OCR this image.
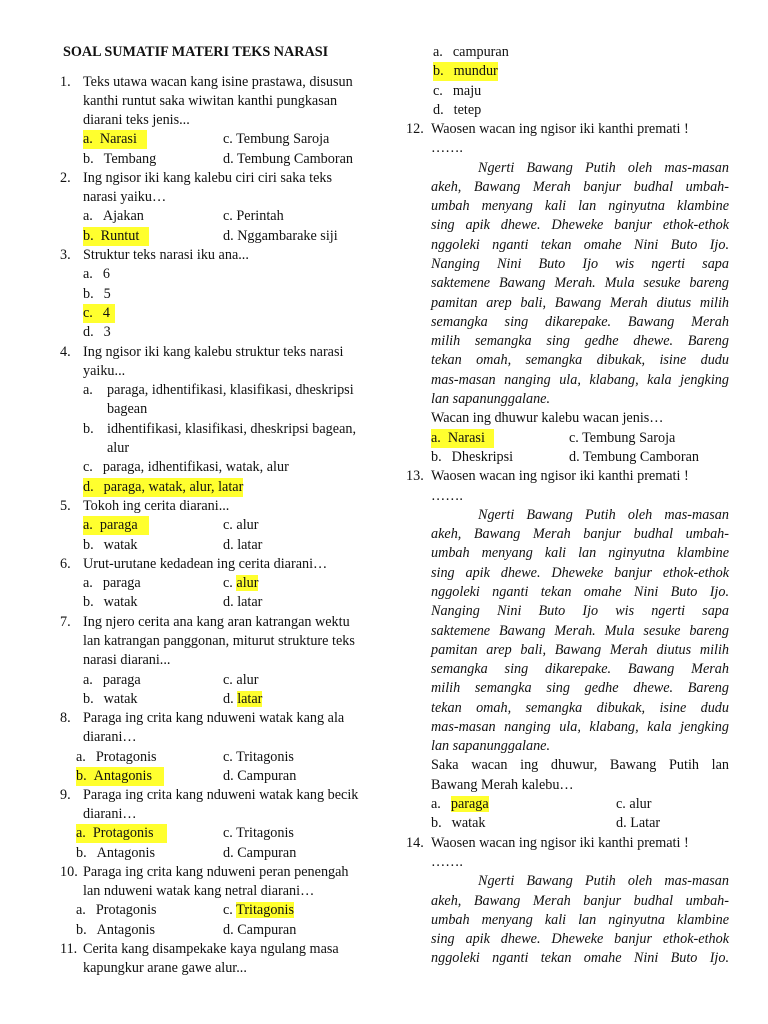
SOAL SUMATIF MATERI TEKS NARASI
1. Teks utawa wacan kang isine prastawa, disusun
kanthi runtut saka wiwitan kanthi pungkasan
diarani teks jenis...
a. Narasi	c. Tembung Saroja
b. Tembang	d. Tembung Camboran
2. Ing ngisor iki kang kalebu ciri ciri saka teks
narasi yaiku…
a. Ajakan	c. Perintah
b. Runtut	d. Nggambarake siji
3. Struktur teks narasi iku ana...
a. 6
b. 5
c. 4
d. 3
4. Ing ngisor iki kang kalebu struktur teks narasi
yaiku...
a. paraga, idhentifikasi, klasifikasi, dheskripsi
bagean
b. idhentifikasi, klasifikasi, dheskripsi bagean,
alur
c. paraga, idhentifikasi, watak, alur
d. paraga, watak, alur, latar
5. Tokoh ing cerita diarani...
a. paraga	c. alur
b. watak	d. latar
6. Urut-urutane kedadean ing cerita diarani…
a. paraga	c. alur
b. watak	d. latar
7. Ing njero cerita ana kang aran katrangan wektu
lan katrangan panggonan, miturut strukture teks
narasi diarani...
a. paraga	c. alur
b. watak	d. latar
8. Paraga ing crita kang nduweni watak kang ala
diarani…
a. Protagonis	c. Tritagonis
b. Antagonis	d. Campuran
9. Paraga ing crita kang nduweni watak kang becik
diarani…
a. Protagonis	c. Tritagonis
b. Antagonis	d. Campuran
10. Paraga ing crita kang nduweni peran penengah
lan nduweni watak kang netral diarani…
a. Protagonis	c. Tritagonis
b. Antagonis	d. Campuran
11. Cerita kang disampekake kaya ngulang masa
kapungkur arane gawe alur...
a. campuran
b. mundur
c. maju
d. tetep
12. Waosen wacan ing ngisor iki kanthi premati !
…….
Ngerti Bawang Putih oleh mas-masan
akeh, Bawang Merah banjur budhal umbah-
umbah menyang kali lan nginyutna klambine
sing apik dhewe. Dheweke banjur ethok-ethok
nggoleki nganti tekan omahe Nini Buto Ijo.
Nanging Nini Buto Ijo wis ngerti sapa
saktemene Bawang Merah. Mula sesuke bareng
pamitan arep bali, Bawang Merah diutus milih
semangka sing dikarepake. Bawang Merah
milih semangka sing gedhe dhewe. Bareng
tekan omah, semangka dibukak, isine dudu
mas-masan nanging ula, klabang, kala jengking
lan sapanunggalane.
Wacan ing dhuwur kalebu wacan jenis…
a. Narasi	c. Tembung Saroja
b. Dheskripsi	d. Tembung Camboran
13. Waosen wacan ing ngisor iki kanthi premati !
…….
Ngerti Bawang Putih oleh mas-masan
akeh, Bawang Merah banjur budhal umbah-
umbah menyang kali lan nginyutna klambine
sing apik dhewe. Dheweke banjur ethok-ethok
nggoleki nganti tekan omahe Nini Buto Ijo.
Nanging Nini Buto Ijo wis ngerti sapa
saktemene Bawang Merah. Mula sesuke bareng
pamitan arep bali, Bawang Merah diutus milih
semangka sing dikarepake. Bawang Merah
milih semangka sing gedhe dhewe. Bareng
tekan omah, semangka dibukak, isine dudu
mas-masan nanging ula, klabang, kala jengking
lan sapanunggalane.
Saka wacan ing dhuwur, Bawang Putih lan
Bawang Merah kalebu…
a. paraga	c. alur
b. watak	d. Latar
14. Waosen wacan ing ngisor iki kanthi premati !
…….
Ngerti Bawang Putih oleh mas-masan
akeh, Bawang Merah banjur budhal umbah-
umbah menyang kali lan nginyutna klambine
sing apik dhewe. Dheweke banjur ethok-ethok
nggoleki nganti tekan omahe Nini Buto Ijo.
